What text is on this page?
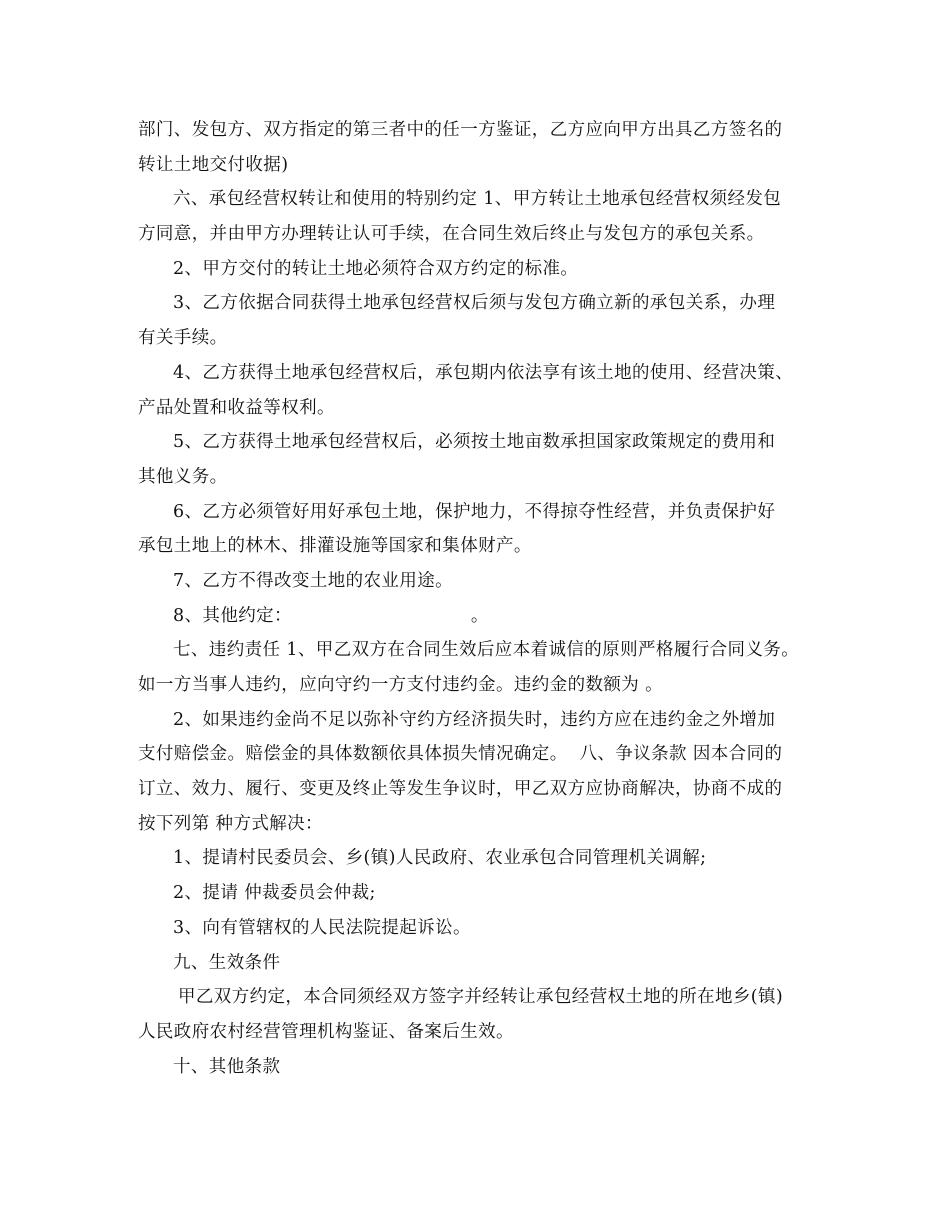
部门、发包方、双方指定的第三者中的任一方鉴证，乙方应向甲方出具乙方签名的
转让土地交付收据)
六、承包经营权转让和使用的特别约定 1、甲方转让土地承包经营权须经发包
方同意，并由甲方办理转让认可手续，在合同生效后终止与发包方的承包关系。
2、甲方交付的转让土地必须符合双方约定的标准。
3、乙方依据合同获得土地承包经营权后须与发包方确立新的承包关系，办理
有关手续。
4、乙方获得土地承包经营权后，承包期内依法享有该土地的使用、经营决策、
产品处置和收益等权利。
5、乙方获得土地承包经营权后，必须按土地亩数承担国家政策规定的费用和
其他义务。
6、乙方必须管好用好承包土地，保护地力，不得掠夺性经营，并负责保护好
承包土地上的林木、排灌设施等国家和集体财产。
7、乙方不得改变土地的农业用途。
8、其他约定：                              。
七、违约责任 1、甲乙双方在合同生效后应本着诚信的原则严格履行合同义务。
如一方当事人违约，应向守约一方支付违约金。违约金的数额为 。
2、如果违约金尚不足以弥补守约方经济损失时，违约方应在违约金之外增加
支付赔偿金。赔偿金的具体数额依具体损失情况确定。  八、争议条款 因本合同的
订立、效力、履行、变更及终止等发生争议时，甲乙双方应协商解决，协商不成的
按下列第 种方式解决：
1、提请村民委员会、乡(镇)人民政府、农业承包合同管理机关调解;
2、提请 仲裁委员会仲裁;
3、向有管辖权的人民法院提起诉讼。
九、生效条件
甲乙双方约定，本合同须经双方签字并经转让承包经营权土地的所在地乡(镇)
人民政府农村经营管理机构鉴证、备案后生效。
十、其他条款
